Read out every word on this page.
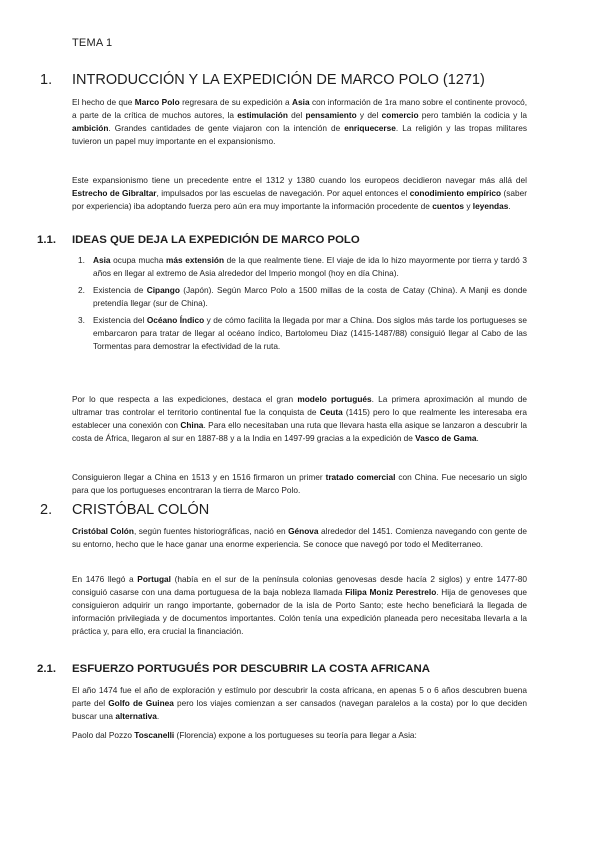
TEMA 1
1. INTRODUCCIÓN Y LA EXPEDICIÓN DE MARCO POLO (1271)

El hecho de que Marco Polo regresara de su expedición a Asia con información de 1ra mano sobre el continente provocó, a parte de la crítica de muchos autores, la estimulación del pensamiento y del comercio pero también la codicia y la ambición. Grandes cantidades de gente viajaron con la intención de enriquecerse. La religión y las tropas militares tuvieron un papel muy importante en el expansionismo.

Este expansionismo tiene un precedente entre el 1312 y 1380 cuando los europeos decidieron navegar más allá del Estrecho de Gibraltar, impulsados por las escuelas de navegación. Por aquel entonces el conodimiento empírico (saber por experiencia) iba adoptando fuerza pero aún era muy importante la información procedente de cuentos y leyendas.

1.1. IDEAS QUE DEJA LA EXPEDICIÓN DE MARCO POLO
1. Asia ocupa mucha más extensión de la que realmente tiene. El viaje de ida lo hizo mayormente por tierra y tardó 3 años en llegar al extremo de Asia alrededor del Imperio mongol (hoy en día China).
2. Existencia de Cipango (Japón). Según Marco Polo a 1500 millas de la costa de Catay (China). A Manji es donde pretendía llegar (sur de China).
3. Existencia del Océano Índico y de cómo facilita la llegada por mar a China. Dos siglos más tarde los portugueses se embarcaron para tratar de llegar al océano índico, Bartolomeu Diaz (1415-1487/88) consiguió llegar al Cabo de las Tormentas para demostrar la efectividad de la ruta.

Por lo que respecta a las expediciones, destaca el gran modelo portugués. La primera aproximación al mundo de ultramar tras controlar el territorio continental fue la conquista de Ceuta (1415) pero lo que realmente les interesaba era establecer una conexión con China. Para ello necesitaban una ruta que llevara hasta ella asique se lanzaron a descubrir la costa de África, llegaron al sur en 1887-88 y a la India en 1497-99 gracias a la expedición de Vasco de Gama.

Consiguieron llegar a China en 1513 y en 1516 firmaron un primer tratado comercial con China. Fue necesario un siglo para que los portugueses encontraran la tierra de Marco Polo.

2. CRISTÓBAL COLÓN

Cristóbal Colón, según fuentes historiográficas, nació en Génova alrededor del 1451. Comienza navegando con gente de su entorno, hecho que le hace ganar una enorme experiencia. Se conoce que navegó por todo el Mediterraneo.

En 1476 llegó a Portugal (había en el sur de la península colonias genovesas desde hacía 2 siglos) y entre 1477-80 consiguió casarse con una dama portuguesa de la baja nobleza llamada Filipa Moniz Perestrelo. Hija de genoveses que consiguieron adquirir un rango importante, gobernador de la isla de Porto Santo; este hecho beneficiará la llegada de información privilegiada y de documentos importantes. Colón tenía una expedición planeada pero necesitaba llevarla a la práctica y, para ello, era crucial la financiación.

2.1. ESFUERZO PORTUGUÉS POR DESCUBRIR LA COSTA AFRICANA

El año 1474 fue el año de exploración y estímulo por descubrir la costa africana, en apenas 5 o 6 años descubren buena parte del Golfo de Guinea pero los viajes comienzan a ser cansados (navegan paralelos a la costa) por lo que deciden buscar una alternativa.

Paolo dal Pozzo Toscanelli (Florencia) expone a los portugueses su teoría para llegar a Asia:
